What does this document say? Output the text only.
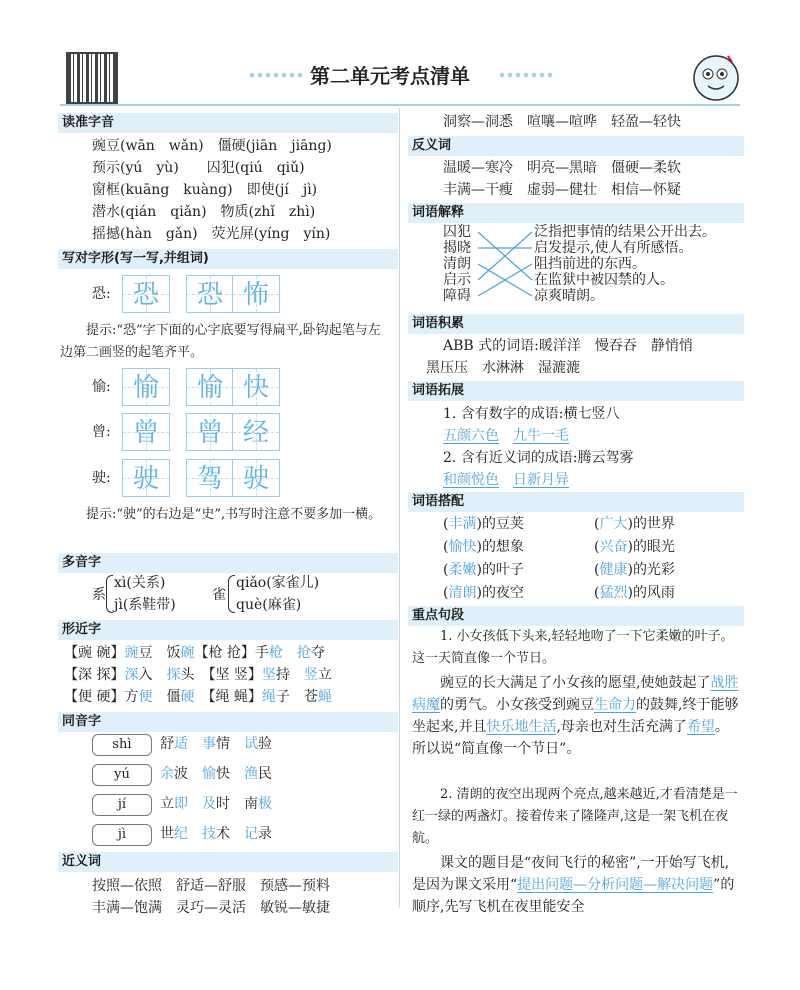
第二单元考点清单
读准字音
豌豆(wān　wǎn)　僵硬(jiān　jiāng)
预示(yú　yù)　　囚犯(qiú　qiǔ)
窗框(kuāng　kuàng)　即使(jí　jì)
潜水(qián　qiǎn)　物质(zhǐ　zhì)
摇撼(hàn　gǎn)　荧光屏(yíng　yín)
写对字形(写一写,并组词)
恐: 恐	恐 怖
提示:“恐”字下面的心字底要写得扁平,卧钩起笔与左边第二画竖的起笔齐平。
愉: 愉	愉 快
曾: 曾	曾 经
驶: 驶	驾 驶
提示:“驶”的右边是“史”,书写时注意不要多加一横。
多音字
系
xì(关系)
jì(系鞋带)
雀
qiǎo(家雀儿)
què(麻雀)
形近字
【豌 碗】豌豆　饭碗【枪 抢】手枪　 抢夺
【深 探】深入　探头　【坚 竖】坚持　竖立
【便 硬】方便　僵硬　【绳 蝇】绳子　苍蝇
同音字
shì	舒适　 事情　试验
yú	余波　愉快　渔民
jí	立即　 及时　南极
jì	世纪　 技术　记录
近义词
按照—依照　舒适—舒服　预感—预料
丰满—饱满　灵巧—灵活　敏锐—敏捷
洞察—洞悉　喧嚷—喧哗　轻盈—轻快
反义词
温暖—寒冷　明亮—黑暗　僵硬—柔软
丰满—干瘦　虚弱—健壮　相信—怀疑
词语解释
囚犯
揭晓
清朗
启示
障碍
泛指把事情的结果公开出去。
启发提示,使人有所感悟。
阻挡前进的东西。
在监狱中被囚禁的人。
凉爽晴朗。
词语积累
ABB 式的词语:暖洋洋　慢吞吞　静悄悄
黑压压　水淋淋　湿漉漉
词语拓展
1. 含有数字的成语:横七竖八
五颜六色　 九牛一毛
2. 含有近义词的成语:腾云驾雾
和颜悦色　 日新月异
词语搭配
(丰满)的豆荚	(广大)的世界
(愉快)的想象	(兴奋)的眼光
(柔嫩)的叶子	(健康)的光彩
(清朗)的夜空	(猛烈)的风雨
重点句段
1. 小女孩低下头来,轻轻地吻了一下它柔嫩的叶子。这一天简直像一个节日。
豌豆的长大满足了小女孩的愿望,使她鼓起了战胜病魔的勇气。小女孩受到豌豆生命力的鼓舞,终于能够坐起来,并且快乐地生活,母亲也对生活充满了希望。所以说“简直像一个节日”。
2. 清朗的夜空出现两个亮点,越来越近,才看清楚是一红一绿的两盏灯。接着传来了隆隆声,这是一架飞机在夜航。
课文的题目是“夜间飞行的秘密”,一开始写飞机,是因为课文采用“提出问题—分析问题—解决问题”的顺序,先写飞机在夜里能安全
